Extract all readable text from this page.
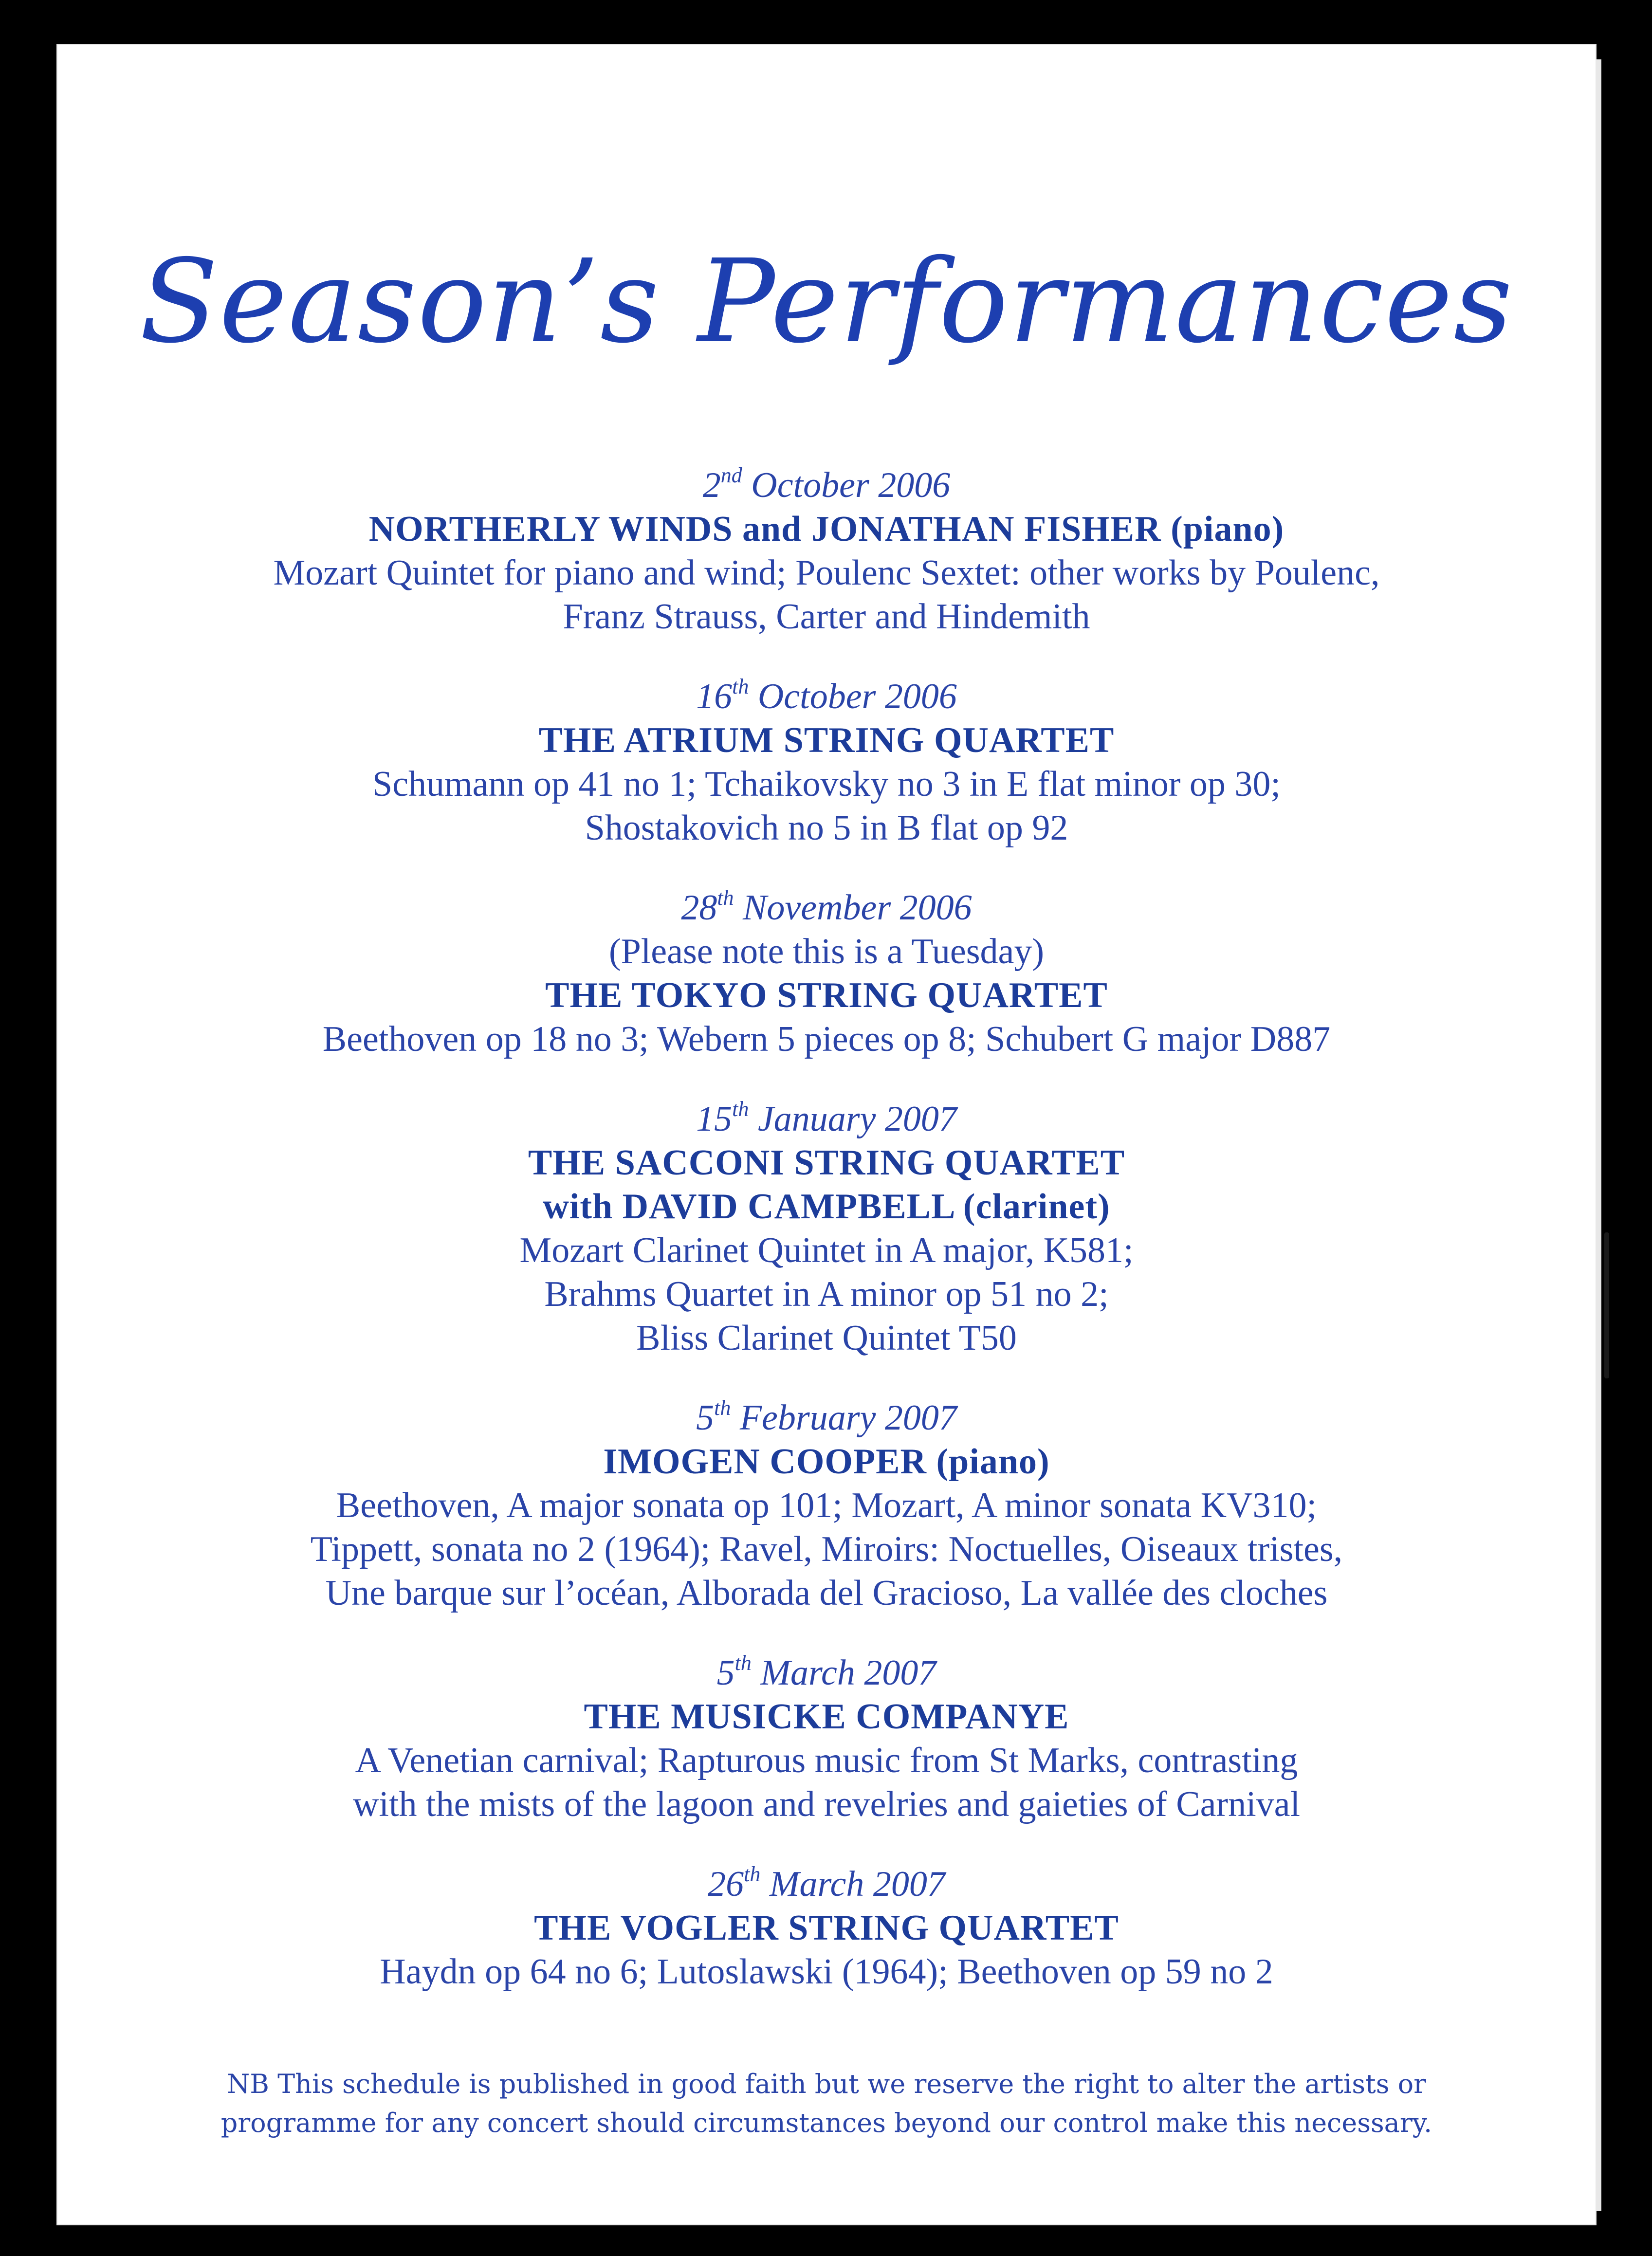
Season’s Performances
2nd October 2006
NORTHERLY WINDS and JONATHAN FISHER (piano)
Mozart Quintet for piano and wind; Poulenc Sextet: other works by Poulenc,
Franz Strauss, Carter and Hindemith
16th October 2006
THE ATRIUM STRING QUARTET
Schumann op 41 no 1; Tchaikovsky no 3 in E flat minor op 30;
Shostakovich no 5 in B flat op 92
28th November 2006
(Please note this is a Tuesday)
THE TOKYO STRING QUARTET
Beethoven op 18 no 3; Webern 5 pieces op 8; Schubert G major D887
15th January 2007
THE SACCONI STRING QUARTET
with DAVID CAMPBELL (clarinet)
Mozart Clarinet Quintet in A major, K581;
Brahms Quartet in A minor op 51 no 2;
Bliss Clarinet Quintet T50
5th February 2007
IMOGEN COOPER (piano)
Beethoven, A major sonata op 101; Mozart, A minor sonata KV310;
Tippett, sonata no 2 (1964); Ravel, Miroirs: Noctuelles, Oiseaux tristes,
Une barque sur l’océan, Alborada del Gracioso, La vallée des cloches
5th March 2007
THE MUSICKE COMPANYE
A Venetian carnival; Rapturous music from St Marks, contrasting
with the mists of the lagoon and revelries and gaieties of Carnival
26th March 2007
THE VOGLER STRING QUARTET
Haydn op 64 no 6; Lutoslawski (1964); Beethoven op 59 no 2
NB This schedule is published in good faith but we reserve the right to alter the artists or
programme for any concert should circumstances beyond our control make this necessary.
